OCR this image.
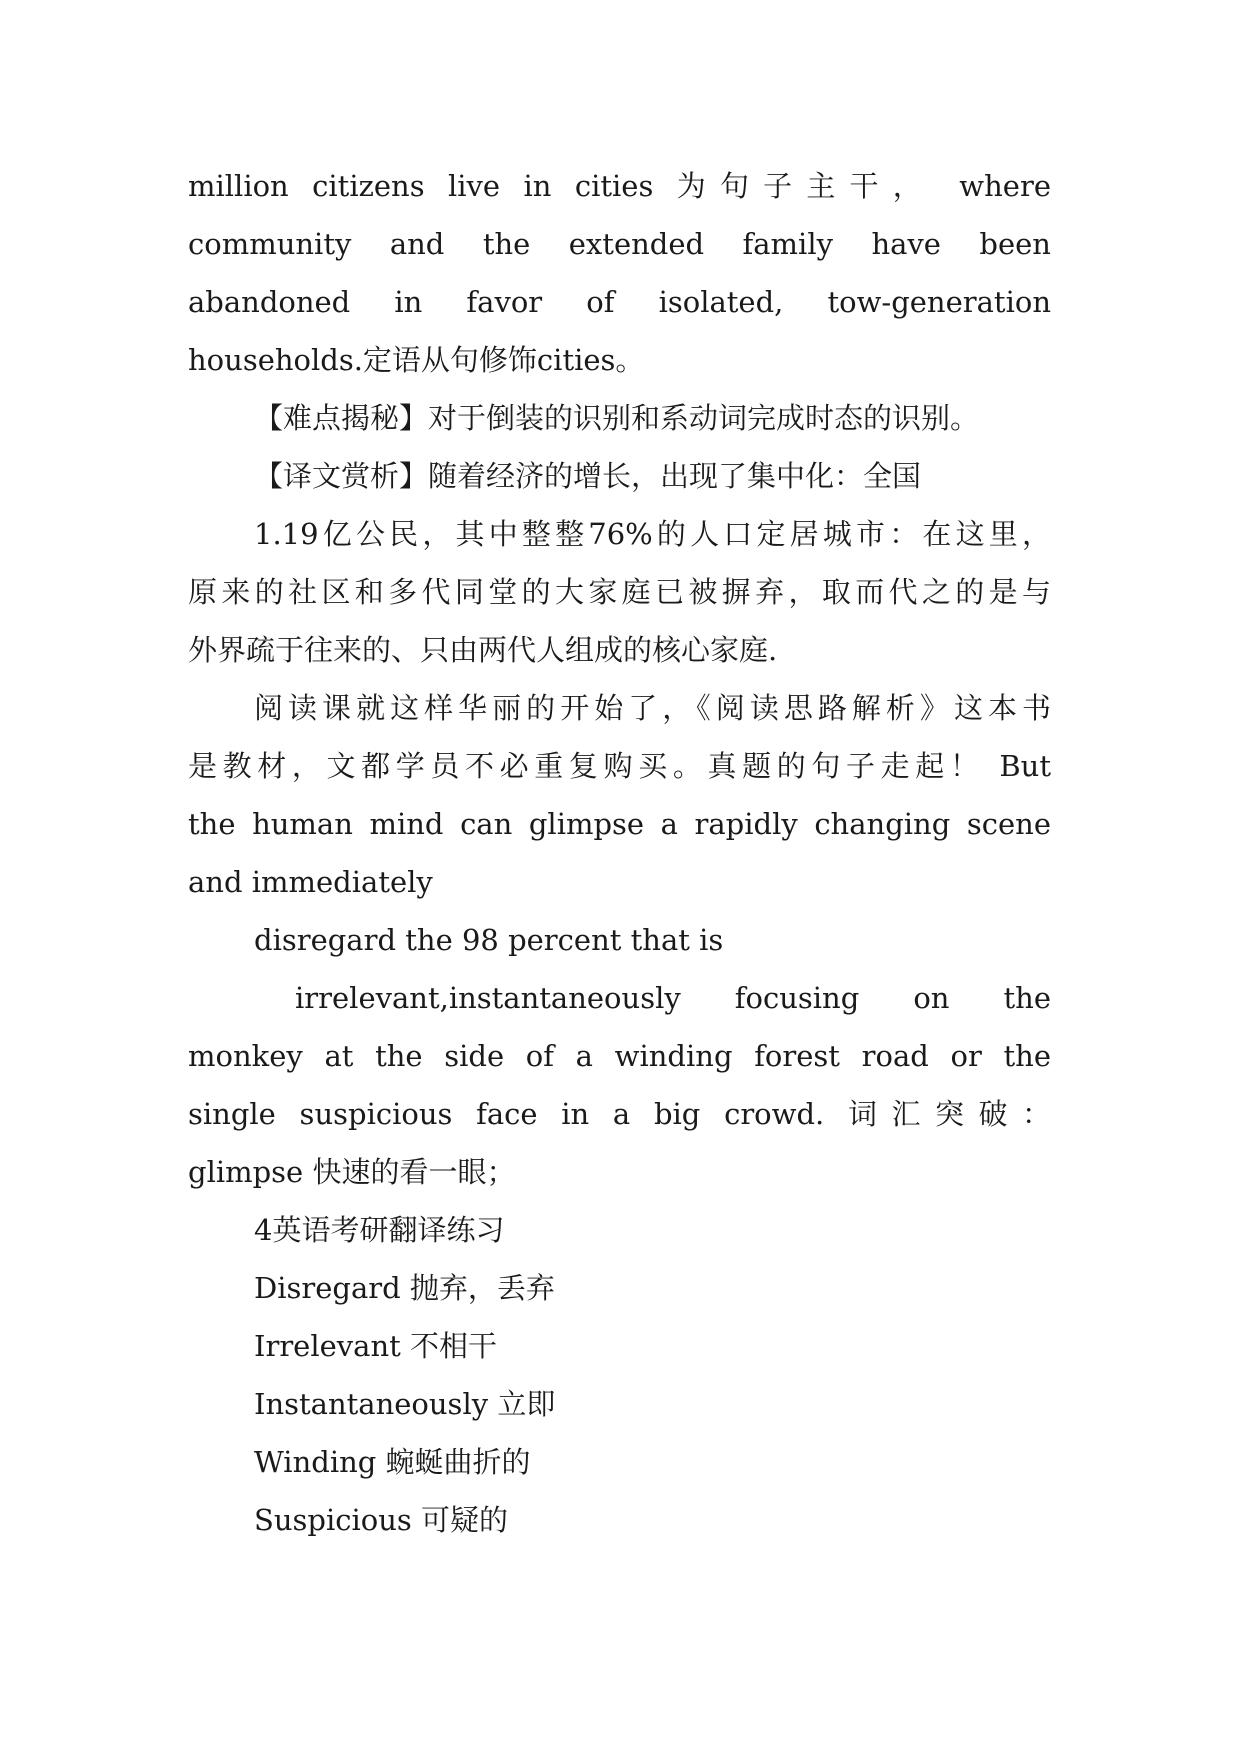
million citizens live in cities 为句子主干， where

community and the extended family have been

abandoned in favor of isolated, tow-generation

households.定语从句修饰cities。

【难点揭秘】对于倒装的识别和系动词完成时态的识别。

【译文赏析】随着经济的增长，出现了集中化：全国

1.19亿公民，其中整整76%的人口定居城市：在这里，

原来的社区和多代同堂的大家庭已被摒弃，取而代之的是与

外界疏于往来的、只由两代人组成的核心家庭.

阅读课就这样华丽的开始了，《阅读思路解析》这本书

是教材，文都学员不必重复购买。真题的句子走起！ But

the human mind can glimpse a rapidly changing scene

and immediately

disregard the 98 percent that is

irrelevant,instantaneously focusing on the

monkey at the side of a winding forest road or the

single suspicious face in a big crowd. 词汇突破：

glimpse 快速的看一眼；

4英语考研翻译练习

Disregard 抛弃，丢弃

Irrelevant 不相干

Instantaneously 立即

Winding 蜿蜒曲折的

Suspicious 可疑的
